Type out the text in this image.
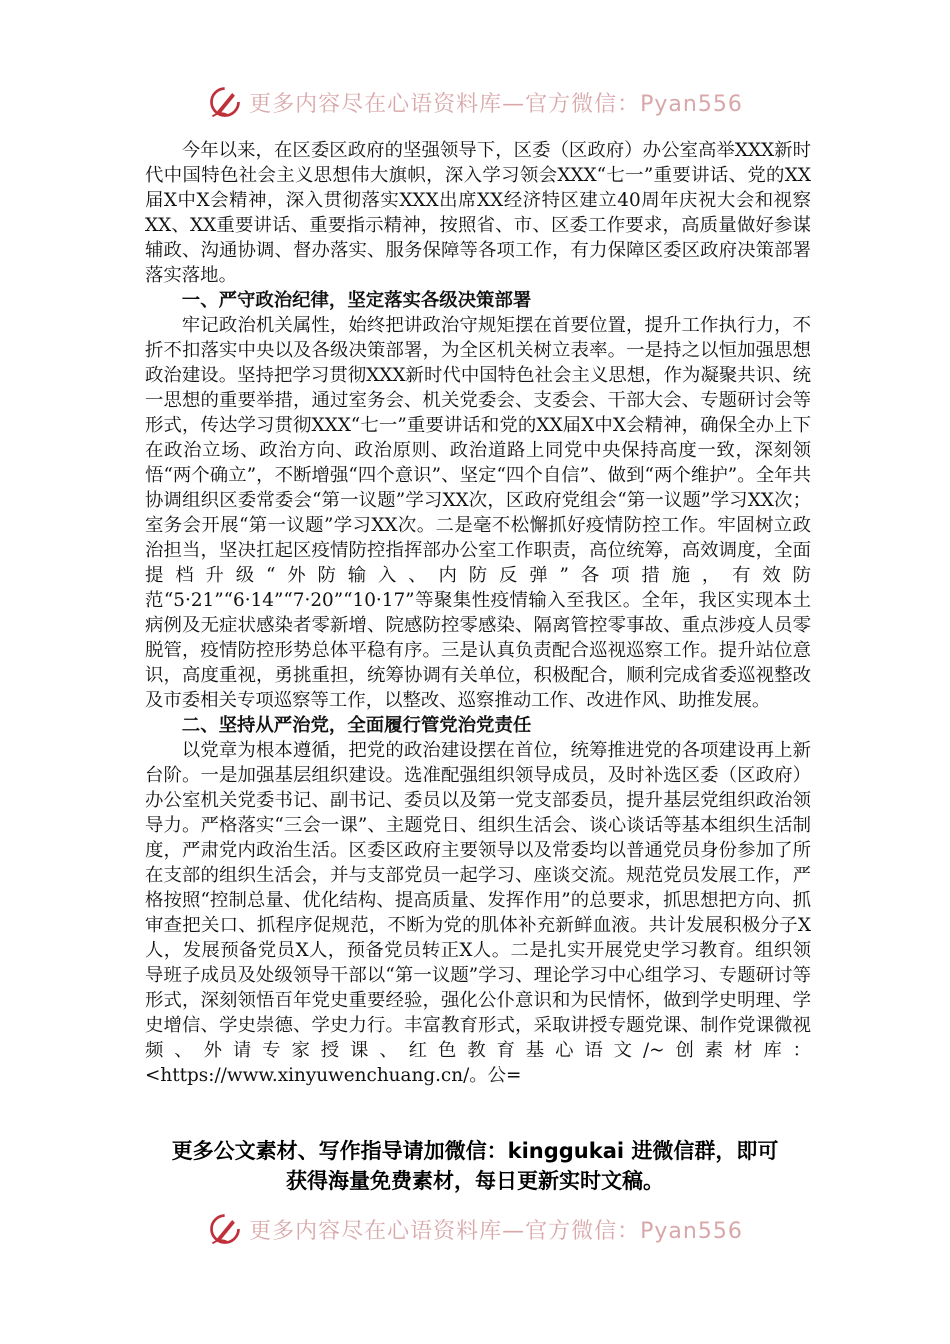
更多内容尽在心语资料库—官方微信：Pyan556

今年以来，在区委区政府的坚强领导下，区委（区政府）办公室高举XXX新时代中国特色社会主义思想伟大旗帜，深入学习领会XXX“七一”重要讲话、党的XX届X中X会精神，深入贯彻落实XXX出席XX经济特区建立40周年庆祝大会和视察XX、XX重要讲话、重要指示精神，按照省、市、区委工作要求，高质量做好参谋辅政、沟通协调、督办落实、服务保障等各项工作，有力保障区委区政府决策部署落实落地。

一、严守政治纪律，坚定落实各级决策部署

牢记政治机关属性，始终把讲政治守规矩摆在首要位置，提升工作执行力，不折不扣落实中央以及各级决策部署，为全区机关树立表率。一是持之以恒加强思想政治建设。坚持把学习贯彻XXX新时代中国特色社会主义思想，作为凝聚共识、统一思想的重要举措，通过室务会、机关党委会、支委会、干部大会、专题研讨会等形式，传达学习贯彻XXX“七一”重要讲话和党的XX届X中X会精神，确保全办上下在政治立场、政治方向、政治原则、政治道路上同党中央保持高度一致，深刻领悟“两个确立”，不断增强“四个意识”、坚定“四个自信”、做到“两个维护”。全年共协调组织区委常委会“第一议题”学习XX次，区政府党组会“第一议题”学习XX次；室务会开展“第一议题”学习XX次。二是毫不松懈抓好疫情防控工作。牢固树立政治担当，坚决扛起区疫情防控指挥部办公室工作职责，高位统筹，高效调度，全面提档升级“外防输入、内防反弹”各项措施，有效防范“5·21”“6·14”“7·20”“10·17”等聚集性疫情输入至我区。全年，我区实现本土病例及无症状感染者零新增、院感防控零感染、隔离管控零事故、重点涉疫人员零脱管，疫情防控形势总体平稳有序。三是认真负责配合巡视巡察工作。提升站位意识，高度重视，勇挑重担，统筹协调有关单位，积极配合，顺利完成省委巡视整改及市委相关专项巡察等工作，以整改、巡察推动工作、改进作风、助推发展。

二、坚持从严治党，全面履行管党治党责任

以党章为根本遵循，把党的政治建设摆在首位，统筹推进党的各项建设再上新台阶。一是加强基层组织建设。选准配强组织领导成员，及时补选区委（区政府）办公室机关党委书记、副书记、委员以及第一党支部委员，提升基层党组织政治领导力。严格落实“三会一课”、主题党日、组织生活会、谈心谈话等基本组织生活制度，严肃党内政治生活。区委区政府主要领导以及常委均以普通党员身份参加了所在支部的组织生活会，并与支部党员一起学习、座谈交流。规范党员发展工作，严格按照“控制总量、优化结构、提高质量、发挥作用”的总要求，抓思想把方向、抓审查把关口、抓程序促规范，不断为党的肌体补充新鲜血液。共计发展积极分子X人，发展预备党员X人，预备党员转正X人。二是扎实开展党史学习教育。组织领导班子成员及处级领导干部以“第一议题”学习、理论学习中心组学习、专题研讨等形式，深刻领悟百年党史重要经验，强化公仆意识和为民情怀，做到学史明理、学史增信、学史崇德、学史力行。丰富教育形式，采取讲授专题党课、制作党课微视频、外请专家授课、红色教育基心语文/~创素材库：<https://www.xinyuwenchuang.cn/。公=

更多公文素材、写作指导请加微信：kinggukai 进微信群，即可
获得海量免费素材，每日更新实时文稿。
更多内容尽在心语资料库—官方微信：Pyan556
